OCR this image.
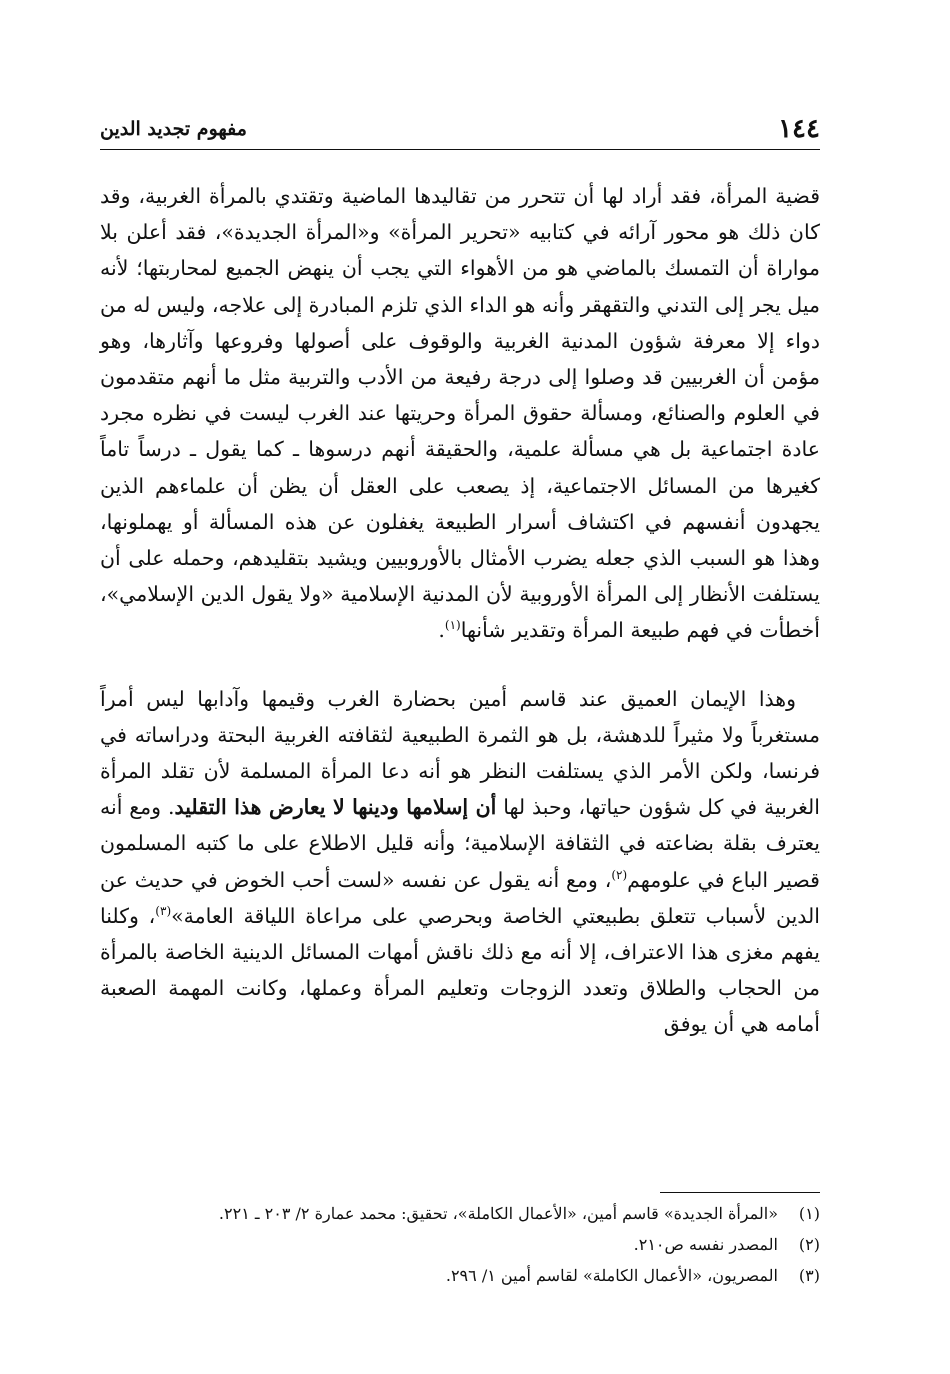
١٤٤
مفهوم تجديد الدين

قضية المرأة، فقد أراد لها أن تتحرر من تقاليدها الماضية وتقتدي بالمرأة الغربية، وقد كان ذلك هو محور آرائه في كتابيه «تحرير المرأة» و«المرأة الجديدة»، فقد أعلن بلا مواراة أن التمسك بالماضي هو من الأهواء التي يجب أن ينهض الجميع لمحاربتها؛ لأنه ميل يجر إلى التدني والتقهقر وأنه هو الداء الذي تلزم المبادرة إلى علاجه، وليس له من دواء إلا معرفة شؤون المدنية الغربية والوقوف على أصولها وفروعها وآثارها، وهو مؤمن أن الغربيين قد وصلوا إلى درجة رفيعة من الأدب والتربية مثل ما أنهم متقدمون في العلوم والصنائع، ومسألة حقوق المرأة وحريتها عند الغرب ليست في نظره مجرد عادة اجتماعية بل هي مسألة علمية، والحقيقة أنهم درسوها ـ كما يقول ـ درساً تاماً كغيرها من المسائل الاجتماعية، إذ يصعب على العقل أن يظن أن علماءهم الذين يجهدون أنفسهم في اكتشاف أسرار الطبيعة يغفلون عن هذه المسألة أو يهملونها، وهذا هو السبب الذي جعله يضرب الأمثال بالأوروبيين ويشيد بتقليدهم، وحمله على أن يستلفت الأنظار إلى المرأة الأوروبية لأن المدنية الإسلامية «ولا يقول الدين الإسلامي»، أخطأت في فهم طبيعة المرأة وتقدير شأنها$^{(١)}$.

وهذا الإيمان العميق عند قاسم أمين بحضارة الغرب وقيمها وآدابها ليس أمراً مستغرباً ولا مثيراً للدهشة، بل هو الثمرة الطبيعية لثقافته الغربية البحتة ودراساته في فرنسا، ولكن الأمر الذي يستلفت النظر هو أنه دعا المرأة المسلمة لأن تقلد المرأة الغربية في كل شؤون حياتها، وحبذ لها أن إسلامها ودينها لا يعارض هذا التقليد. ومع أنه يعترف بقلة بضاعته في الثقافة الإسلامية؛ وأنه قليل الاطلاع على ما كتبه المسلمون قصير الباع في علومهم$^{(٢)}$، ومع أنه يقول عن نفسه «لست أحب الخوض في حديث عن الدين لأسباب تتعلق بطبيعتي الخاصة وبحرصي على مراعاة اللياقة العامة»$^{(٣)}$، وكلنا يفهم مغزى هذا الاعتراف، إلا أنه مع ذلك ناقش أمهات المسائل الدينية الخاصة بالمرأة من الحجاب والطلاق وتعدد الزوجات وتعليم المرأة وعملها، وكانت المهمة الصعبة أمامه هي أن يوفق

(١)«المرأة الجديدة» قاسم أمين، «الأعمال الكاملة»، تحقيق: محمد عمارة ٢/ ٢٠٣ ـ ٢٢١.
(٢)المصدر نفسه ص٢١٠.
(٣)المصريون، «الأعمال الكاملة» لقاسم أمين ١/ ٢٩٦.
